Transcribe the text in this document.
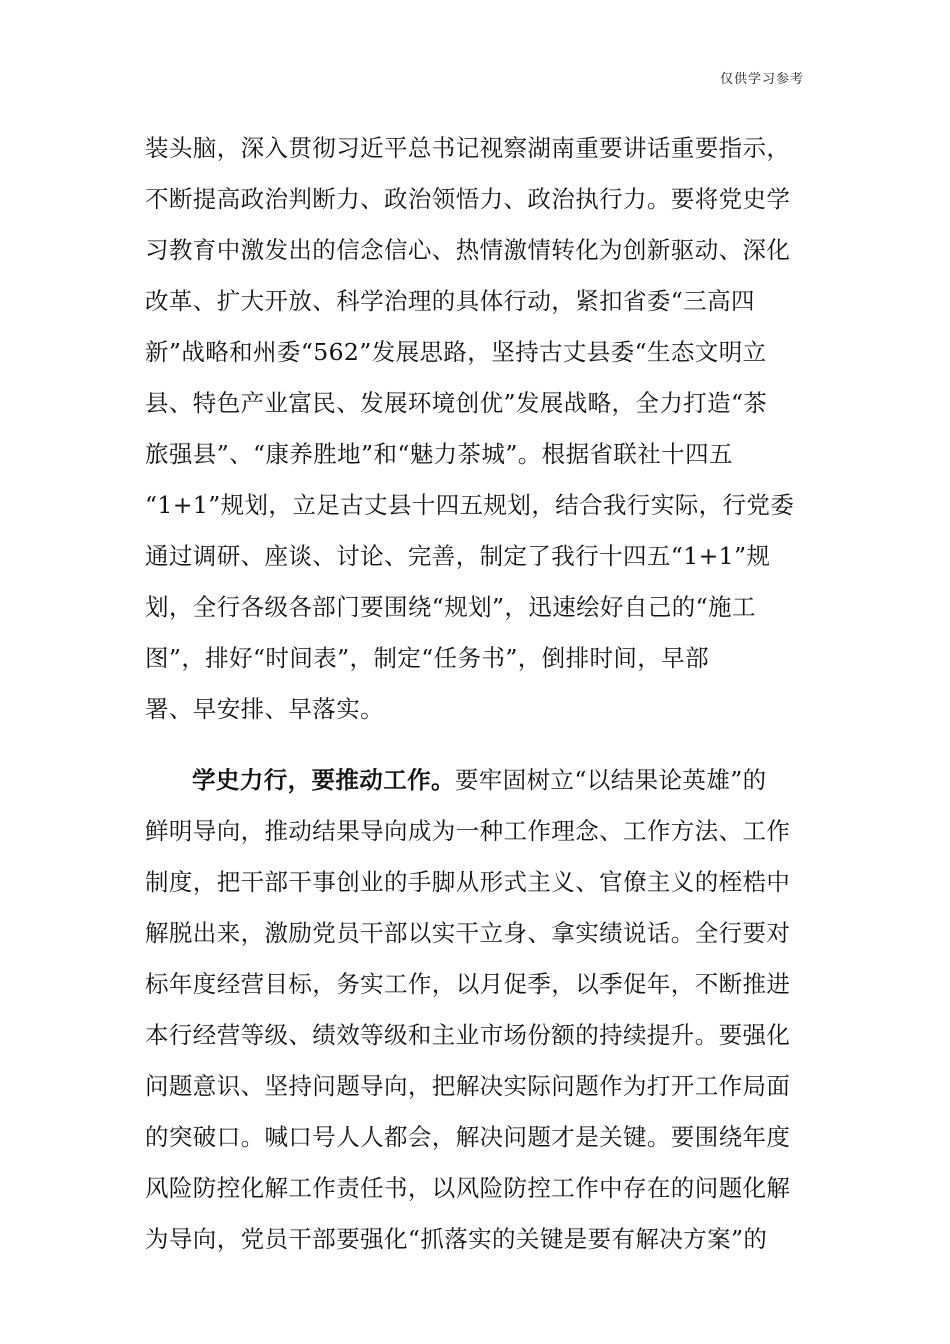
仅供学习参考
装头脑，深入贯彻习近平总书记视察湖南重要讲话重要指示，
不断提高政治判断力、政治领悟力、政治执行力。要将党史学
习教育中激发出的信念信心、热情激情转化为创新驱动、深化
改革、扩大开放、科学治理的具体行动，紧扣省委“三高四
新”战略和州委“562”发展思路，坚持古丈县委“生态文明立
县、特色产业富民、发展环境创优”发展战略，全力打造“茶
旅强县”、“康养胜地”和“魅力茶城”。根据省联社十四五
“1+1”规划，立足古丈县十四五规划，结合我行实际，行党委
通过调研、座谈、讨论、完善，制定了我行十四五“1+1”规
划，全行各级各部门要围绕“规划”，迅速绘好自己的“施工
图”，排好“时间表”，制定“任务书”，倒排时间，早部
署、早安排、早落实。
学史力行，要推动工作。要牢固树立“以结果论英雄”的
鲜明导向，推动结果导向成为一种工作理念、工作方法、工作
制度，把干部干事创业的手脚从形式主义、官僚主义的桎梏中
解脱出来，激励党员干部以实干立身、拿实绩说话。全行要对
标年度经营目标，务实工作，以月促季，以季促年，不断推进
本行经营等级、绩效等级和主业市场份额的持续提升。要强化
问题意识、坚持问题导向，把解决实际问题作为打开工作局面
的突破口。喊口号人人都会，解决问题才是关键。要围绕年度
风险防控化解工作责任书，以风险防控工作中存在的问题化解
为导向，党员干部要强化“抓落实的关键是要有解决方案”的
